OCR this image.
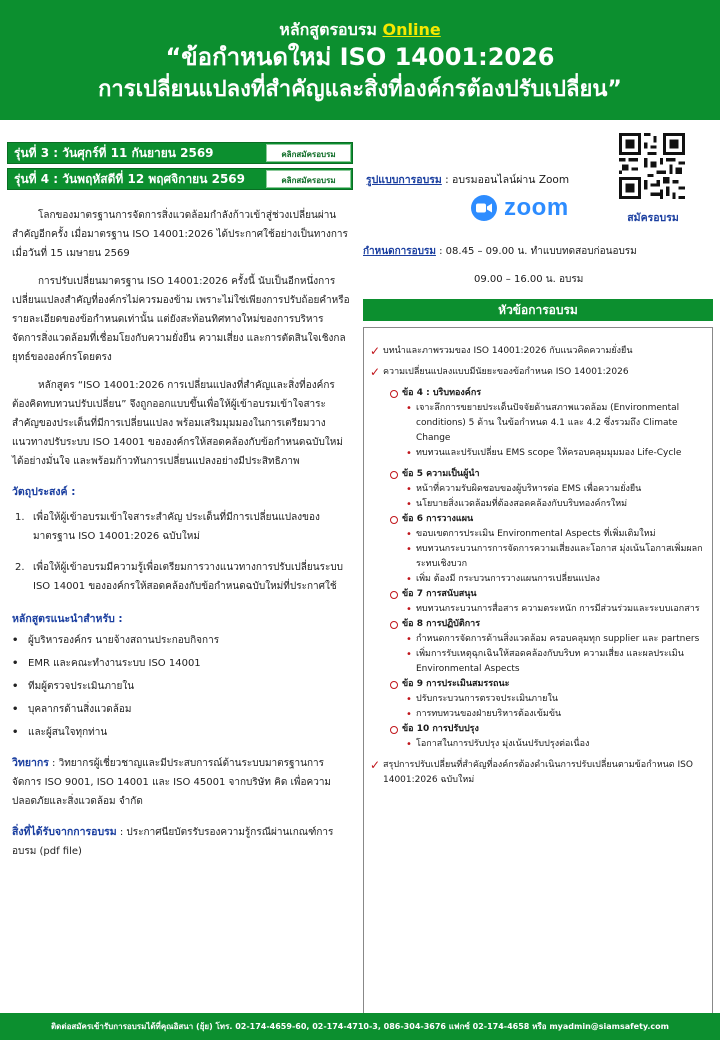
หลักสูตรอบรม Online
“ข้อกำหนดใหม่ ISO 14001:2026
การเปลี่ยนแปลงที่สำคัญและสิ่งที่องค์กรต้องปรับเปลี่ยน”
รุ่นที่ 3 : วันศุกร์ที่ 11 กันยายน 2569	คลิกสมัครอบรม
รุ่นที่ 4 : วันพฤหัสดีที่ 12 พฤศจิกายน 2569	คลิกสมัครอบรม	รูปแบบการอบรม : อบรมออนไลน์ผ่าน Zoom
สมัครอบรม
zoom
กำหนดการอบรม : 08.45 – 09.00 น. ทำแบบทดสอบก่อนอบรม
09.00 – 16.00 น. อบรม
หัวข้อการอบรม
✓ บทนำและภาพรวมของ ISO 14001:2026 กับแนวคิดความยั่งยืน
✓ ความเปลี่ยนแปลงแบบมีนัยยะของข้อกำหนด ISO 14001:2026
ข้อ 4 : บริบทองค์กร
• เจาะลึกการขยายประเด็นปัจจัยด้านสภาพแวดล้อม (Environmental conditions) 5 ด้าน ในข้อกำหนด 4.1 และ 4.2 ซึ่งรวมถึง Climate Change
• ทบทวนและปรับเปลี่ยน EMS scope ให้ครอบคลุมมุมมอง Life-Cycle
ข้อ 5 ความเป็นผู้นำ
• หน้าที่ความรับผิดชอบของผู้บริหารต่อ EMS เพื่อความยั่งยืน
• นโยบายสิ่งแวดล้อมที่ต้องสอดคล้องกับบริบทองค์กรใหม่
ข้อ 6 การวางแผน
• ขอบเขตการประเมิน Environmental Aspects ที่เพิ่มเติมใหม่
• ทบทวนกระบวนการการจัดการความเสี่ยงและโอกาส มุ่งเน้นโอกาสเพิ่มผลกระทบเชิงบวก
• เพิ่ม ต้องมี กระบวนการวางแผนการเปลี่ยนแปลง
ข้อ 7 การสนับสนุน
• ทบทวนกระบวนการสื่อสาร ความตระหนัก การมีส่วนร่วมและระบบเอกสาร
ข้อ 8 การปฏิบัติการ
• กำหนดการจัดการด้านสิ่งแวดล้อม ครอบคลุมทุก supplier และ partners
• เพิ่มการรับเหตุฉุกเฉินให้สอดคล้องกับบริบท ความเสี่ยง และผลประเมิน Environmental Aspects
ข้อ 9 การประเมินสมรรถนะ
• ปรับกระบวนการตรวจประเมินภายใน
• การทบทวนของฝ่ายบริหารต้องเข้มข้น
ข้อ 10 การปรับปรุง
• โอกาสในการปรับปรุง มุ่งเน้นปรับปรุงต่อเนื่อง
✓ สรุปการปรับเปลี่ยนที่สำคัญที่องค์กรต้องดำเนินการปรับเปลี่ยนตามข้อกำหนด ISO 14001:2026 ฉบับใหม่

โลกของมาตรฐานการจัดการสิ่งแวดล้อมกำลังก้าวเข้าสู่ช่วงเปลี่ยนผ่านสำคัญอีกครั้ง เมื่อมาตรฐาน ISO 14001:2026 ได้ประกาศใช้อย่างเป็นทางการ เมื่อวันที่ 15 เมษายน 2569

การปรับเปลี่ยนมาตรฐาน ISO 14001:2026 ครั้งนี้ นับเป็นอีกหนึ่งการเปลี่ยนแปลงสำคัญที่องค์กรไม่ควรมองข้าม เพราะไม่ใช่เพียงการปรับถ้อยคำหรือรายละเอียดของข้อกำหนดเท่านั้น แต่ยังสะท้อนทิศทางใหม่ของการบริหารจัดการสิ่งแวดล้อมที่เชื่อมโยงกับความยั่งยืน ความเสี่ยง และการตัดสินใจเชิงกลยุทธ์ขององค์กรโดยตรง

หลักสูตร “ISO 14001:2026 การเปลี่ยนแปลงที่สำคัญและสิ่งที่องค์กรต้องคิดทบทวนปรับเปลี่ยน” จึงถูกออกแบบขึ้นเพื่อให้ผู้เข้าอบรมเข้าใจสาระสำคัญของประเด็นที่มีการเปลี่ยนแปลง พร้อมเสริมมุมมองในการเตรียมวางแนวทางปรับระบบ ISO 14001 ขององค์กรให้สอดคล้องกับข้อกำหนดฉบับใหม่ได้อย่างมั่นใจ และพร้อมก้าวทันการเปลี่ยนแปลงอย่างมีประสิทธิภาพ

วัตถุประสงค์ :
1. เพื่อให้ผู้เข้าอบรมเข้าใจสาระสำคัญ ประเด็นที่มีการเปลี่ยนแปลงของมาตรฐาน ISO 14001:2026 ฉบับใหม่
2. เพื่อให้ผู้เข้าอบรมมีความรู้เพื่อเตรียมการวางแนวทางการปรับเปลี่ยนระบบ ISO 14001 ขององค์กรให้สอดคล้องกับข้อกำหนดฉบับใหม่ที่ประกาศใช้
หลักสูตรแนะนำสำหรับ :
• ผู้บริหารองค์กร นายจ้างสถานประกอบกิจการ
• EMR และคณะทำงานระบบ ISO 14001
• ทีมผู้ตรวจประเมินภายใน
• บุคลากรด้านสิ่งแวดล้อม
• และผู้สนใจทุกท่าน
วิทยากร : วิทยากรผู้เชี่ยวชาญและมีประสบการณ์ด้านระบบมาตรฐานการจัดการ ISO 9001, ISO 14001 และ ISO 45001 จากบริษัท คิด เพื่อความปลอดภัยและสิ่งแวดล้อม จำกัด
สิ่งที่ได้รับจากการอบรม : ประกาศนียบัตรรับรองความรู้กรณีผ่านเกณฑ์การอบรม (pdf file)
ติดต่อสมัครเข้ารับการอบรมได้ที่คุณอิสนา (ยุ้ย) โทร. 02-174-4659-60, 02-174-4710-3, 086-304-3676 แฟกซ์ 02-174-4658 หรือ myadmin@siamsafety.com
